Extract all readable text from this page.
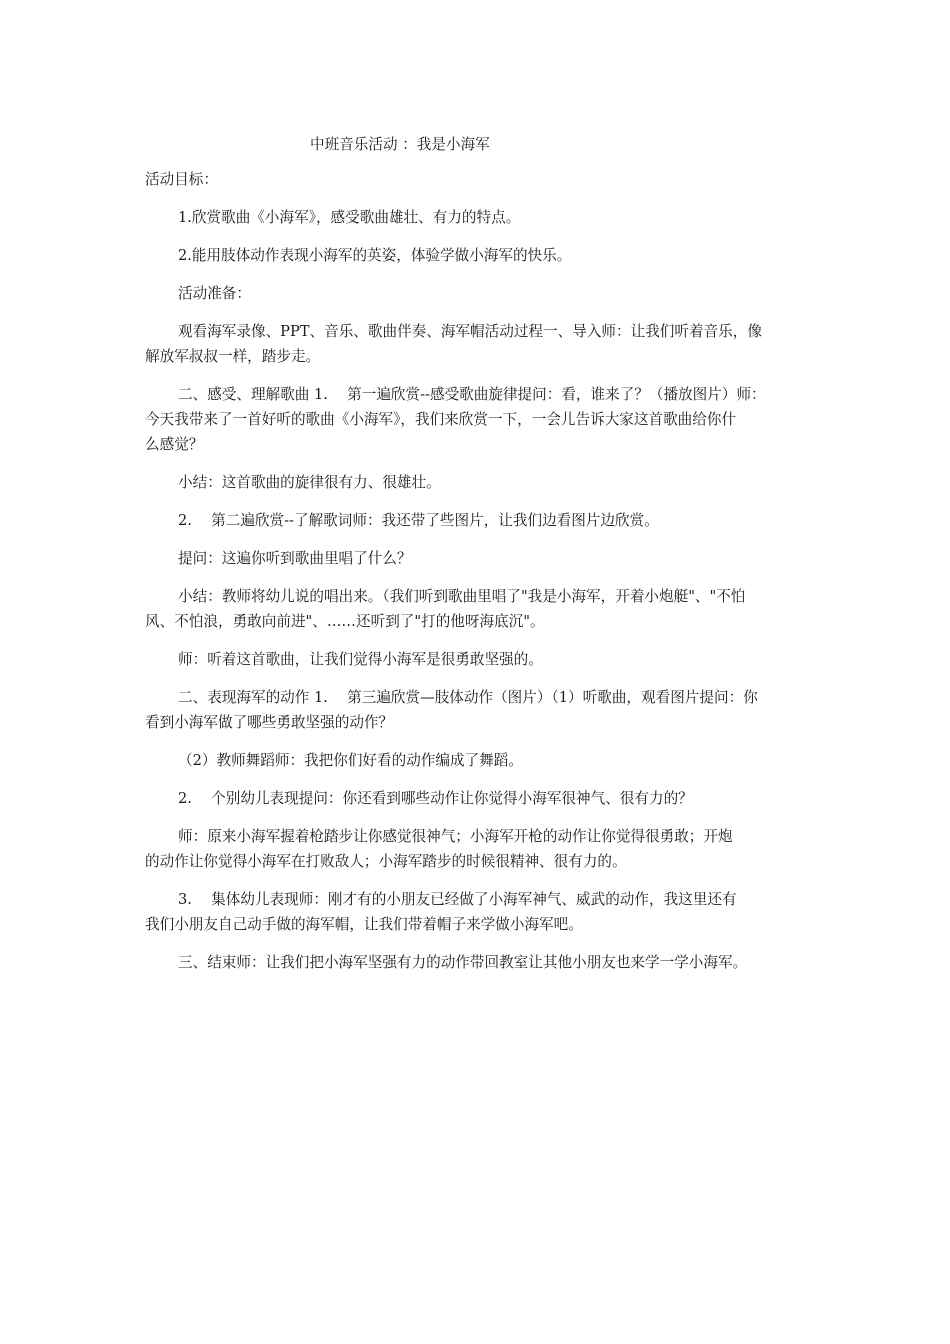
中班音乐活动 ：我是小海军
活动目标：
1.欣赏歌曲《小海军》，感受歌曲雄壮、有力的特点。
2.能用肢体动作表现小海军的英姿，体验学做小海军的快乐。
活动准备：
观看海军录像、PPT、音乐、歌曲伴奏、海军帽活动过程一、导入师：让我们听着音乐，像
解放军叔叔一样，踏步走。
二、感受、理解歌曲 1.　 第一遍欣赏--感受歌曲旋律提问：看，谁来了？（播放图片）师：
今天我带来了一首好听的歌曲《小海军》，我们来欣赏一下，一会儿告诉大家这首歌曲给你什
么感觉？
小结：这首歌曲的旋律很有力、很雄壮。
2.　 第二遍欣赏--了解歌词师：我还带了些图片，让我们边看图片边欣赏。
提问：这遍你听到歌曲里唱了什么？
小结：教师将幼儿说的唱出来。（我们听到歌曲里唱了"我是小海军，开着小炮艇"、"不怕
风、不怕浪，勇敢向前进"、……还听到了"打的他呀海底沉"。
师：听着这首歌曲，让我们觉得小海军是很勇敢坚强的。
二、表现海军的动作 1.　 第三遍欣赏—肢体动作（图片）（1）听歌曲，观看图片提问：你
看到小海军做了哪些勇敢坚强的动作？
（2）教师舞蹈师：我把你们好看的动作编成了舞蹈。
2.　 个别幼儿表现提问：你还看到哪些动作让你觉得小海军很神气、很有力的？
师：原来小海军握着枪踏步让你感觉很神气；小海军开枪的动作让你觉得很勇敢；开炮
的动作让你觉得小海军在打败敌人；小海军踏步的时候很精神、很有力的。
3.　 集体幼儿表现师：刚才有的小朋友已经做了小海军神气、威武的动作，我这里还有
我们小朋友自己动手做的海军帽，让我们带着帽子来学做小海军吧。
三、结束师：让我们把小海军坚强有力的动作带回教室让其他小朋友也来学一学小海军。
